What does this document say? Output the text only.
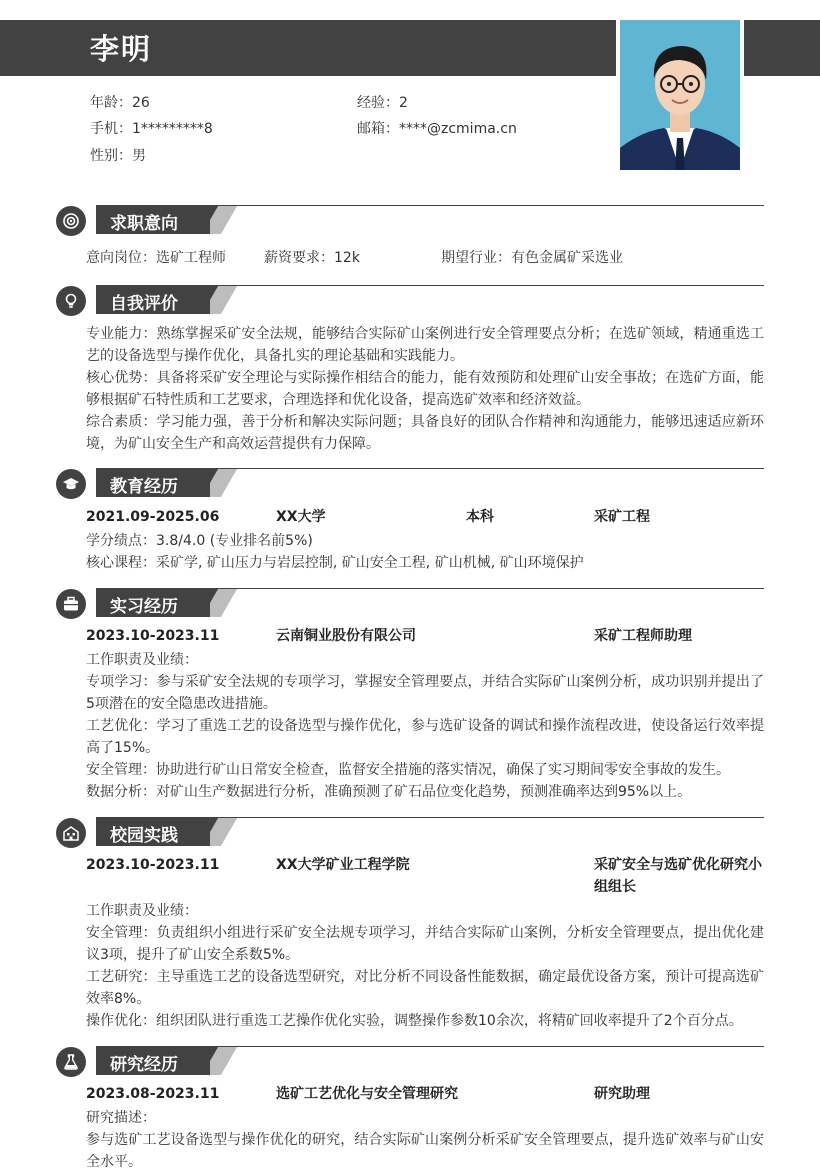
李明
年龄：26	经验：2
手机：1*********8	邮箱：****@zcmima.cn
性别：男
求职意向
意向岗位：选矿工程师	薪资要求：12k	期望行业：有色金属矿采选业
自我评价
专业能力：熟练掌握采矿安全法规，能够结合实际矿山案例进行安全管理要点分析；在选矿领域，精通重选工艺的设备选型与操作优化，具备扎实的理论基础和实践能力。
核心优势：具备将采矿安全理论与实际操作相结合的能力，能有效预防和处理矿山安全事故；在选矿方面，能够根据矿石特性质和工艺要求，合理选择和优化设备，提高选矿效率和经济效益。
综合素质：学习能力强，善于分析和解决实际问题；具备良好的团队合作精神和沟通能力，能够迅速适应新环境，为矿山安全生产和高效运营提供有力保障。
教育经历
2021.09-2025.06	XX大学	本科	采矿工程
学分绩点：3.8/4.0 (专业排名前5%)
核心课程：采矿学, 矿山压力与岩层控制, 矿山安全工程, 矿山机械, 矿山环境保护
实习经历
2023.10-2023.11	云南铜业股份有限公司	采矿工程师助理
工作职责及业绩：
专项学习：参与采矿安全法规的专项学习，掌握安全管理要点，并结合实际矿山案例分析，成功识别并提出了5项潜在的安全隐患改进措施。
工艺优化：学习了重选工艺的设备选型与操作优化，参与选矿设备的调试和操作流程改进，使设备运行效率提高了15%。
安全管理：协助进行矿山日常安全检查，监督安全措施的落实情况，确保了实习期间零安全事故的发生。
数据分析：对矿山生产数据进行分析，准确预测了矿石品位变化趋势，预测准确率达到95%以上。
校园实践
2023.10-2023.11	XX大学矿业工程学院	采矿安全与选矿优化研究小组组长
工作职责及业绩：
安全管理：负责组织小组进行采矿安全法规专项学习，并结合实际矿山案例，分析安全管理要点，提出优化建议3项，提升了矿山安全系数5%。
工艺研究：主导重选工艺的设备选型研究，对比分析不同设备性能数据，确定最优设备方案，预计可提高选矿效率8%。
操作优化：组织团队进行重选工艺操作优化实验，调整操作参数10余次，将精矿回收率提升了2个百分点。
研究经历
2023.08-2023.11	选矿工艺优化与安全管理研究	研究助理
研究描述：
参与选矿工艺设备选型与操作优化的研究，结合实际矿山案例分析采矿安全管理要点，提升选矿效率与矿山安全水平。
